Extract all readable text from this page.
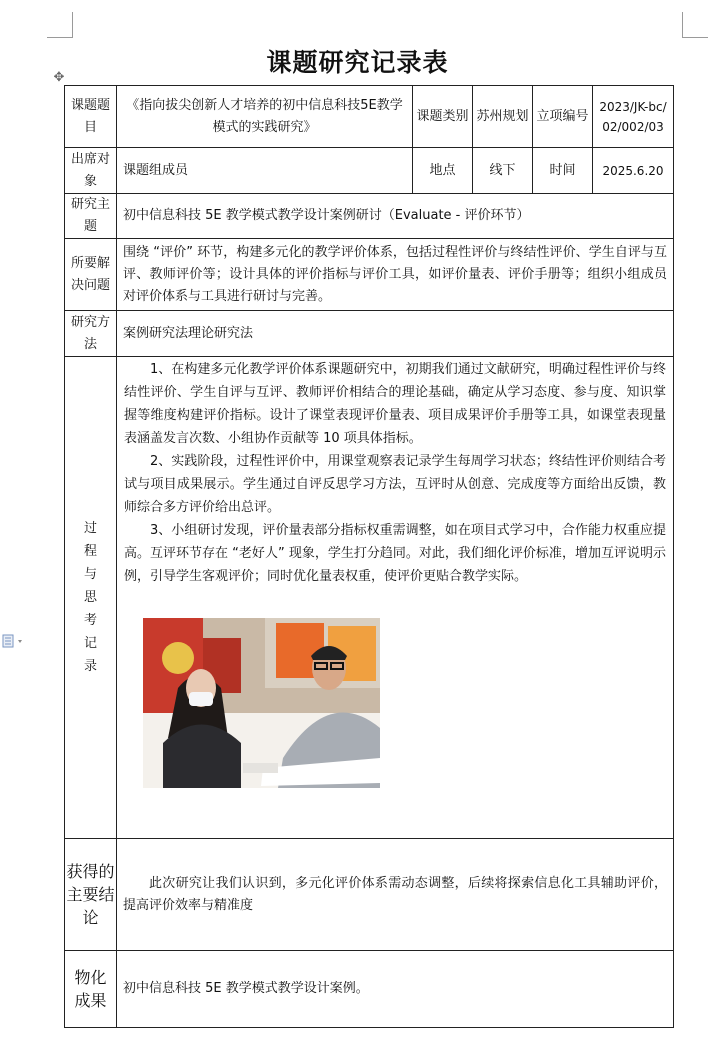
✥
课题研究记录表
课题题目	《指向拔尖创新人才培养的初中信息科技5E教学模式的实践研究》	课题类别	苏州规划	立项编号	2023/JK-bc/02/002/03
出席对象	课题组成员	地点	线下	时间	2025.6.20
研究主题	初中信息科技 5E 教学模式教学设计案例研讨（Evaluate - 评价环节）				
所要解决问题	围绕 “评价” 环节，构建多元化的教学评价体系，包括过程性评价与终结性评价、学生自评与互评、教师评价等；设计具体的评价指标与评价工具，如评价量表、评价手册等；组织小组成员对评价体系与工具进行研讨与完善。				
研究方法	案例研究法理论研究法				
过程与思考记录	1、在构建多元化教学评价体系课题研究中，初期我们通过文献研究，明确过程性评价与终结性评价、学生自评与互评、教师评价相结合的理论基础，确定从学习态度、参与度、知识掌握等维度构建评价指标。设计了课堂表现评价量表、项目成果评价手册等工具，如课堂表现量表涵盖发言次数、小组协作贡献等 10 项具体指标。

2、实践阶段，过程性评价中，用课堂观察表记录学生每周学习状态；终结性评价则结合考试与项目成果展示。学生通过自评反思学习方法，互评时从创意、完成度等方面给出反馈，教师综合多方评价给出总评。

3、小组研讨发现，评价量表部分指标权重需调整，如在项目式学习中，合作能力权重应提高。互评环节存在 “老好人” 现象，学生打分趋同。对此，我们细化评价标准，增加互评说明示例，引导学生客观评价；同时优化量表权重，使评价更贴合教学实际。				

获得的主要结论	此次研究让我们认识到，多元化评价体系需动态调整，后续将探索信息化工具辅助评价，提高评价效率与精准度				
物化成果	初中信息科技 5E 教学模式教学设计案例。				
